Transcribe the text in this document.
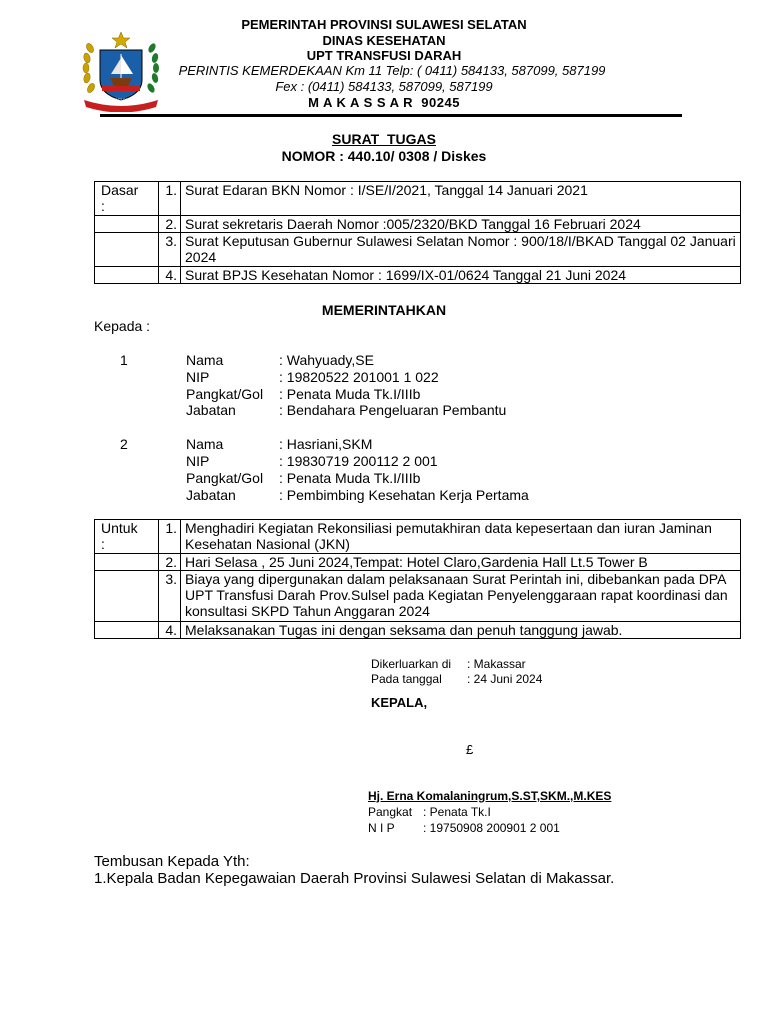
SULAWESI SELATAN
PEMERINTAH PROVINSI SULAWESI SELATAN
DINAS KESEHATAN
UPT TRANSFUSI DARAH
PERINTIS KEMERDEKAAN Km 11 Telp: ( 0411) 584133, 587099, 587199
Fex : (0411) 584133, 587099, 587199
M A K A S S A R  90245
SURAT  TUGAS
NOMOR : 440.10/ 0308 / Diskes
Dasar
:	1.	Surat Edaran BKN Nomor : I/SE/I/2021, Tanggal 14 Januari 2021
	2.	Surat sekretaris Daerah Nomor :005/2320/BKD Tanggal 16 Februari 2024
	3.	Surat Keputusan Gubernur Sulawesi Selatan Nomor : 900/18/I/BKAD Tanggal 02 Januari 2024
	4.	Surat BPJS Kesehatan Nomor : 1699/IX-01/0624 Tanggal 21 Juni 2024
MEMERINTAHKAN
Kepada :
1	Nama	: Wahyuady,SE
NIP	: 19820522 201001 1 022
Pangkat/Gol : Penata Muda Tk.I/IIIb
Jabatan	: Bendahara Pengeluaran Pembantu
2	Nama	: Hasriani,SKM
NIP	: 19830719 200112 2 001
Pangkat/Gol : Penata Muda Tk.I/IIIb
Jabatan	: Pembimbing Kesehatan Kerja Pertama
Untuk
:	1.	Menghadiri Kegiatan Rekonsiliasi pemutakhiran data kepesertaan dan iuran Jaminan Kesehatan Nasional (JKN)
	2.	Hari Selasa , 25 Juni 2024,Tempat: Hotel Claro,Gardenia Hall Lt.5 Tower B
	3.	Biaya yang dipergunakan dalam pelaksanaan Surat Perintah ini, dibebankan pada DPA UPT Transfusi Darah Prov.Sulsel pada Kegiatan Penyelenggaraan rapat koordinasi dan konsultasi SKPD Tahun Anggaran 2024
	4.	Melaksanakan Tugas ini dengan seksama dan penuh tanggung jawab.
Dikerluarkan di : Makassar
Pada tanggal : 24 Juni 2024
KEPALA,
£
Hj. Erna Komalaningrum,S.ST,SKM.,M.KES
Pangkat : Penata Tk.I
N I P : 19750908 200901 2 001
Tembusan Kepada Yth:
1.Kepala Badan Kepegawaian Daerah Provinsi Sulawesi Selatan di Makassar.
